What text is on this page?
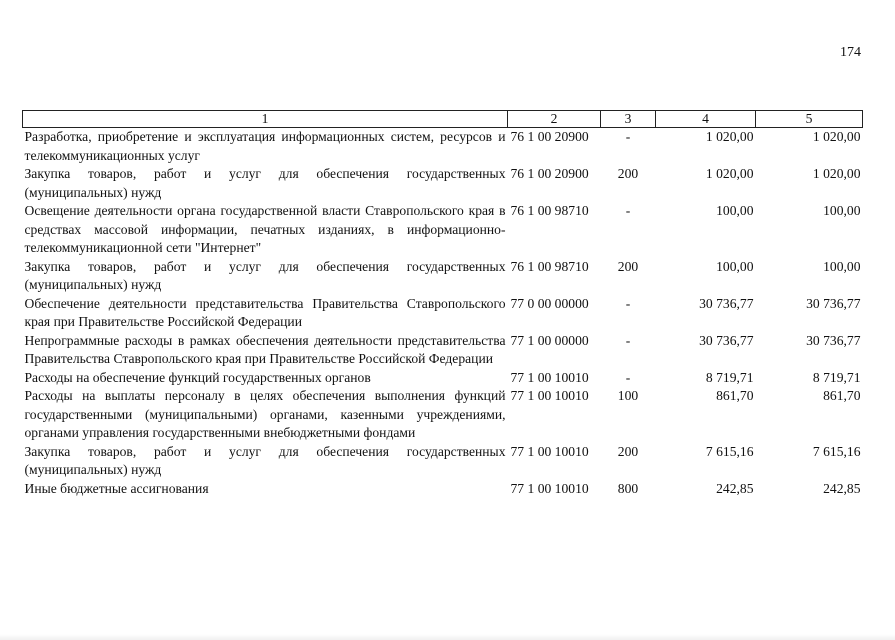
174
1	2	3	4	5
Разработка, приобретение и эксплуатация информационных систем, ресурсов и телекоммуникационных услуг	76 1 00 20900	-	1 020,00	1 020,00
Закупка товаров, работ и услуг для обеспечения государственных (муниципальных) нужд	76 1 00 20900	200	1 020,00	1 020,00
Освещение деятельности органа государственной власти Ставропольского края в средствах массовой информации, печатных изданиях, в информационно-телекоммуникационной сети "Интернет"	76 1 00 98710	-	100,00	100,00
Закупка товаров, работ и услуг для обеспечения государственных (муниципальных) нужд	76 1 00 98710	200	100,00	100,00
Обеспечение деятельности представительства Правительства Ставропольского края при Правительстве Российской Федерации	77 0 00 00000	-	30 736,77	30 736,77
Непрограммные расходы в рамках обеспечения деятельности представительства Правительства Ставропольского края при Правительстве Российской Федерации	77 1 00 00000	-	30 736,77	30 736,77
Расходы на обеспечение функций государственных органов	77 1 00 10010	-	8 719,71	8 719,71
Расходы на выплаты персоналу в целях обеспечения выполнения функций государственными (муниципальными) органами, казенными учреждениями, органами управления государственными внебюджетными фондами	77 1 00 10010	100	861,70	861,70
Закупка товаров, работ и услуг для обеспечения государственных (муниципальных) нужд	77 1 00 10010	200	7 615,16	7 615,16
Иные бюджетные ассигнования	77 1 00 10010	800	242,85	242,85
